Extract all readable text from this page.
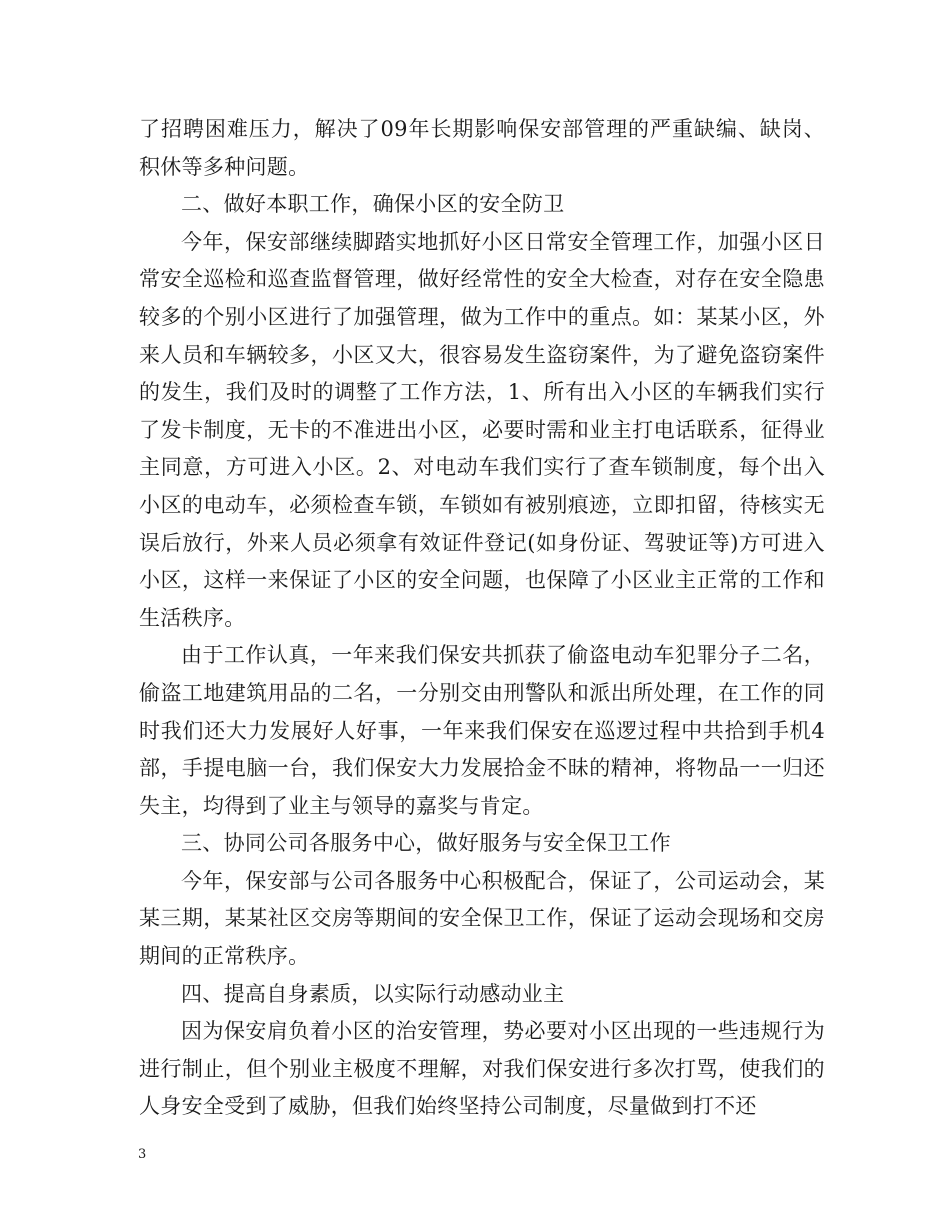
了招聘困难压力，解决了09年长期影响保安部管理的严重缺编、缺岗、积休等多种问题。

二、做好本职工作，确保小区的安全防卫

今年，保安部继续脚踏实地抓好小区日常安全管理工作，加强小区日常安全巡检和巡查监督管理，做好经常性的安全大检查，对存在安全隐患较多的个别小区进行了加强管理，做为工作中的重点。如：某某小区，外来人员和车辆较多，小区又大，很容易发生盗窃案件，为了避免盗窃案件的发生，我们及时的调整了工作方法，1、所有出入小区的车辆我们实行了发卡制度，无卡的不准进出小区，必要时需和业主打电话联系，征得业主同意，方可进入小区。2、对电动车我们实行了查车锁制度，每个出入小区的电动车，必须检查车锁，车锁如有被别痕迹，立即扣留，待核实无误后放行，外来人员必须拿有效证件登记(如身份证、驾驶证等)方可进入小区，这样一来保证了小区的安全问题，也保障了小区业主正常的工作和生活秩序。

由于工作认真，一年来我们保安共抓获了偷盗电动车犯罪分子二名，偷盗工地建筑用品的二名，一分别交由刑警队和派出所处理，在工作的同时我们还大力发展好人好事，一年来我们保安在巡逻过程中共拾到手机4部，手提电脑一台，我们保安大力发展拾金不昧的精神，将物品一一归还失主，均得到了业主与领导的嘉奖与肯定。

三、协同公司各服务中心，做好服务与安全保卫工作

今年，保安部与公司各服务中心积极配合，保证了，公司运动会，某某三期，某某社区交房等期间的安全保卫工作，保证了运动会现场和交房期间的正常秩序。

四、提高自身素质，以实际行动感动业主

因为保安肩负着小区的治安管理，势必要对小区出现的一些违规行为进行制止，但个别业主极度不理解，对我们保安进行多次打骂，使我们的人身安全受到了威胁，但我们始终坚持公司制度，尽量做到打不还

3
